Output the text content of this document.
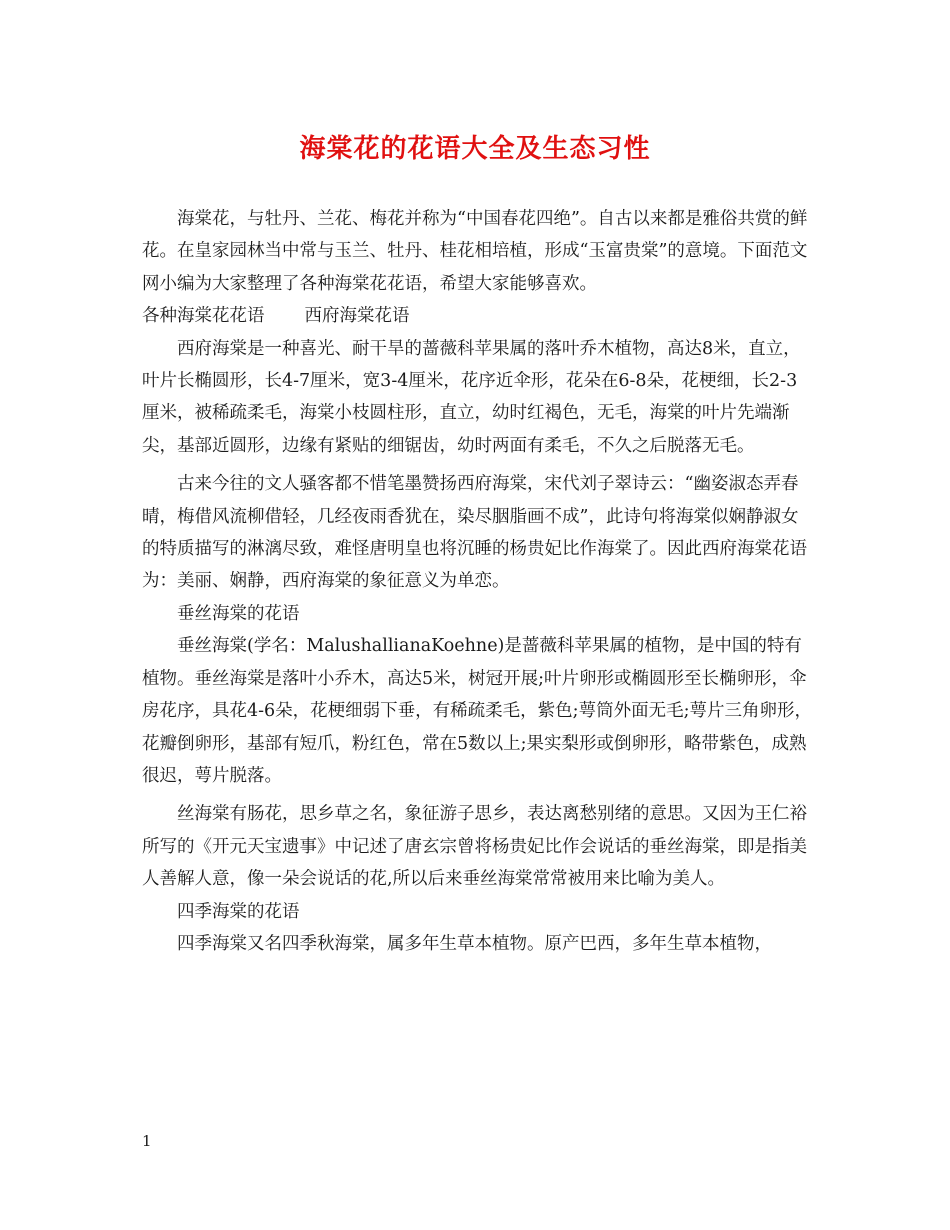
海棠花的花语大全及生态习性

海棠花，与牡丹、兰花、梅花并称为“中国春花四绝”。自古以来都是雅俗共赏的鲜花。在皇家园林当中常与玉兰、牡丹、桂花相培植，形成“玉富贵棠”的意境。下面范文网小编为大家整理了各种海棠花花语，希望大家能够喜欢。

各种海棠花花语 西府海棠花语

西府海棠是一种喜光、耐干旱的蔷薇科苹果属的落叶乔木植物，高达8米，直立，叶片长椭圆形，长4-7厘米，宽3-4厘米，花序近伞形，花朵在6-8朵，花梗细，长2-3厘米，被稀疏柔毛，海棠小枝圆柱形，直立，幼时红褐色，无毛，海棠的叶片先端渐尖，基部近圆形，边缘有紧贴的细锯齿，幼时两面有柔毛，不久之后脱落无毛。

古来今往的文人骚客都不惜笔墨赞扬西府海棠，宋代刘子翠诗云：“幽姿淑态弄春晴，梅借风流柳借轻，几经夜雨香犹在，染尽胭脂画不成”，此诗句将海棠似娴静淑女的特质描写的淋漓尽致，难怪唐明皇也将沉睡的杨贵妃比作海棠了。因此西府海棠花语为：美丽、娴静，西府海棠的象征意义为单恋。

垂丝海棠的花语

垂丝海棠(学名：MalushallianaKoehne)是蔷薇科苹果属的植物，是中国的特有植物。垂丝海棠是落叶小乔木，高达5米，树冠开展;叶片卵形或椭圆形至长椭卵形，伞房花序，具花4-6朵，花梗细弱下垂，有稀疏柔毛，紫色;萼筒外面无毛;萼片三角卵形，花瓣倒卵形，基部有短爪，粉红色，常在5数以上;果实梨形或倒卵形，略带紫色，成熟很迟，萼片脱落。

丝海棠有肠花，思乡草之名，象征游子思乡，表达离愁别绪的意思。又因为王仁裕所写的《开元天宝遗事》中记述了唐玄宗曾将杨贵妃比作会说话的垂丝海棠，即是指美人善解人意，像一朵会说话的花,所以后来垂丝海棠常常被用来比喻为美人。

四季海棠的花语

四季海棠又名四季秋海棠，属多年生草本植物。原产巴西，多年生草本植物，

1
